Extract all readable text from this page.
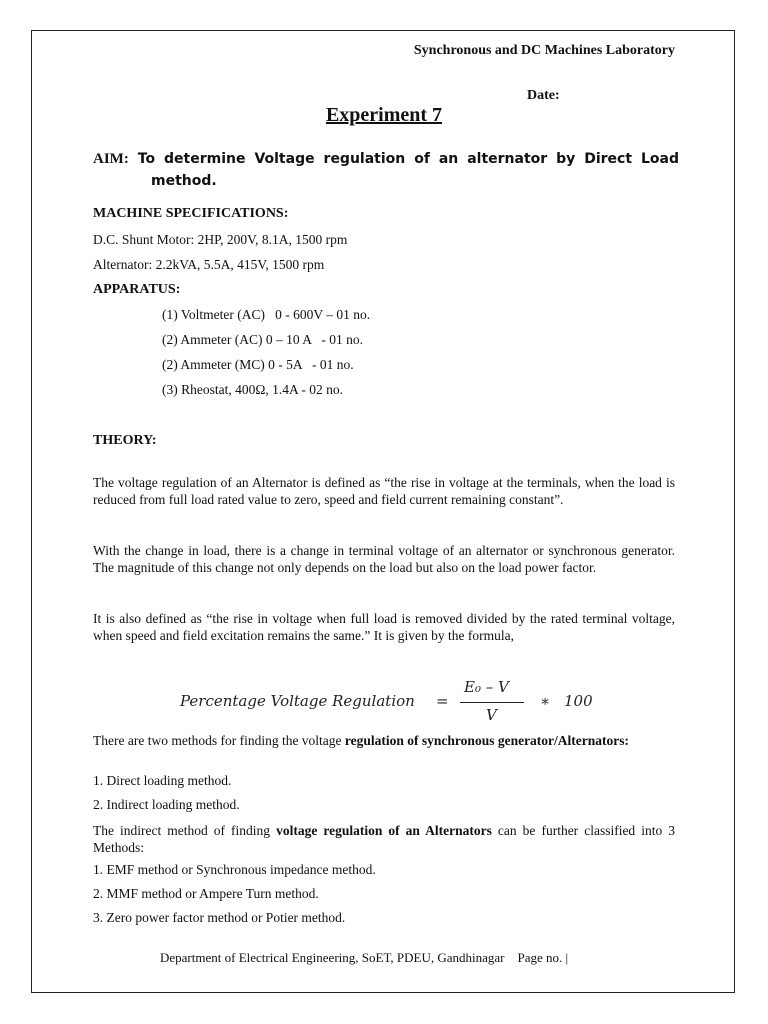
Synchronous and DC Machines Laboratory
Date:
Experiment 7
AIM: To determine Voltage regulation of an alternator by Direct Load
method.
MACHINE SPECIFICATIONS:
D.C. Shunt Motor: 2HP, 200V, 8.1A, 1500 rpm
Alternator: 2.2kVA, 5.5A, 415V, 1500 rpm
APPARATUS:
(1) Voltmeter (AC)   0 - 600V – 01 no.
(2) Ammeter (AC) 0 – 10 A   - 01 no.
(2) Ammeter (MC) 0 - 5A   - 01 no.
(3) Rheostat, 400Ω, 1.4A - 02 no.
THEORY:
The voltage regulation of an Alternator is defined as “the rise in voltage at the terminals, when the load is reduced from full load rated value to zero, speed and field current remaining constant”.
With the change in load, there is a change in terminal voltage of an alternator or synchronous generator. The magnitude of this change not only depends on the load but also on the load power factor.
It is also defined as “the rise in voltage when full load is removed divided by the rated terminal voltage, when speed and field excitation remains the same.” It is given by the formula,
Percentage Voltage Regulation =
E₀ – V
V
∗ 100
There are two methods for finding the voltage regulation of synchronous generator/Alternators:
1. Direct loading method.
2. Indirect loading method.
The indirect method of finding voltage regulation of an Alternators can be further classified into 3 Methods:
1. EMF method or Synchronous impedance method.
2. MMF method or Ampere Turn method.
3. Zero power factor method or Potier method.
Department of Electrical Engineering, SoET, PDEU, Gandhinagar    Page no. |
